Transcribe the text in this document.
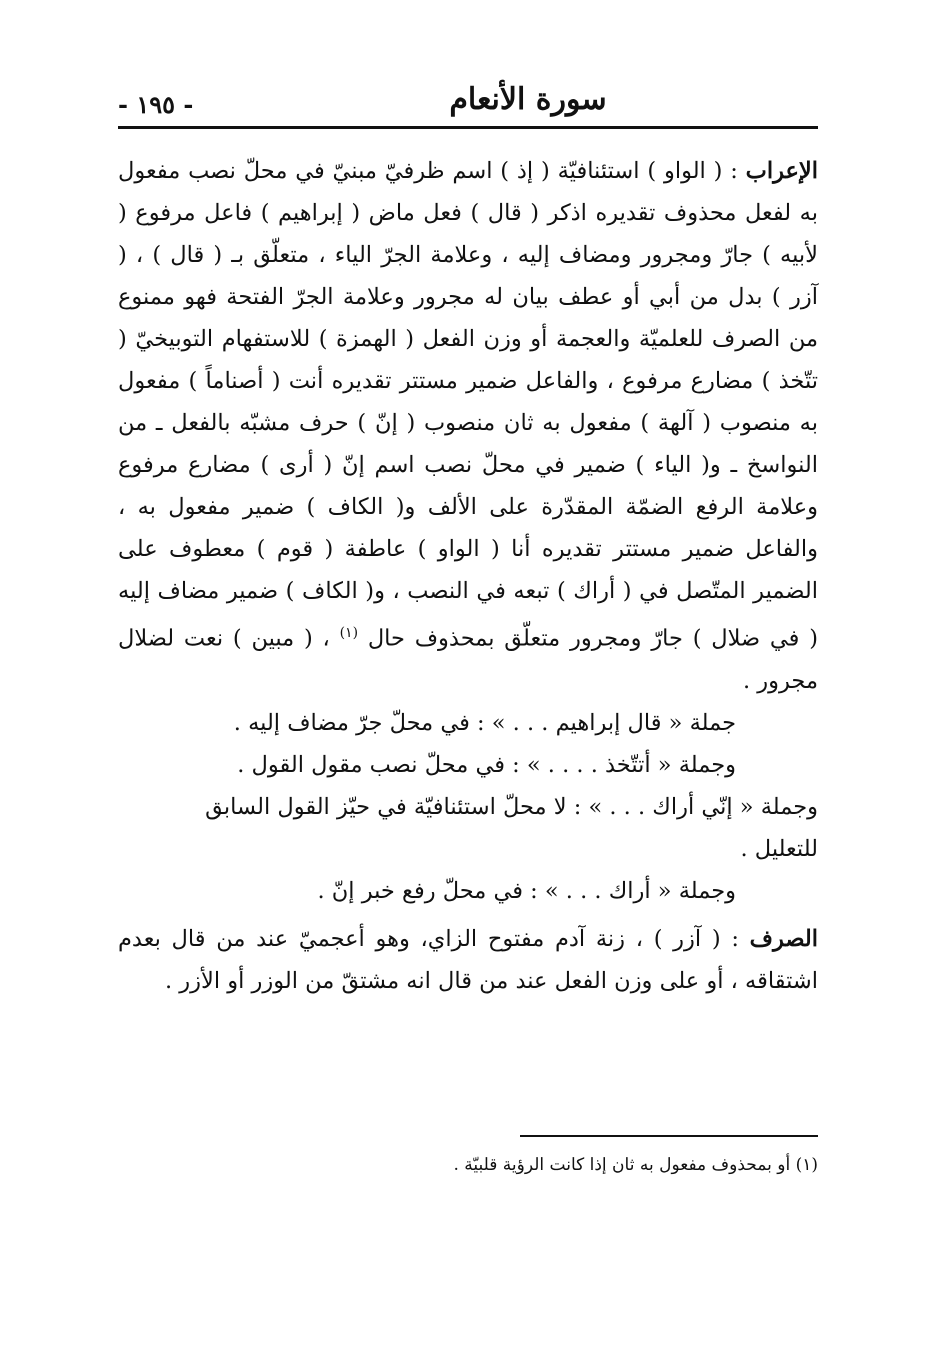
- ١٩٥ -	سورة الأنعام

الإعراب : ( الواو ) استئنافيّة ( إذ ) اسم ظرفيّ مبنيّ في محلّ نصب مفعول به لفعل محذوف تقديره اذكر ( قال ) فعل ماض ( إبراهيم ) فاعل مرفوع ( لأبيه ) جارّ ومجرور ومضاف إليه ، وعلامة الجرّ الياء ، متعلّق بـ ( قال ) ، ( آزر ) بدل من أبي أو عطف بيان له مجرور وعلامة الجرّ الفتحة فهو ممنوع من الصرف للعلميّة والعجمة أو وزن الفعل ( الهمزة ) للاستفهام التوبيخيّ ( تتّخذ ) مضارع مرفوع ، والفاعل ضمير مستتر تقديره أنت ( أصناماً ) مفعول به منصوب ( آلهة ) مفعول به ثان منصوب ( إنّ ) حرف مشبّه بالفعل ـ من النواسخ ـ و( الياء ) ضمير في محلّ نصب اسم إنّ ( أرى ) مضارع مرفوع وعلامة الرفع الضمّة المقدّرة على الألف و( الكاف ) ضمير مفعول به ، والفاعل ضمير مستتر تقديره أنا ( الواو ) عاطفة ( قوم ) معطوف على الضمير المتّصل في ( أراك ) تبعه في النصب ، و( الكاف ) ضمير مضاف إليه ( في ضلال ) جارّ ومجرور متعلّق بمحذوف حال $^{(١)}$ ، ( مبين ) نعت لضلال مجرور .

جملة « قال إبراهيم . . . » : في محلّ جرّ مضاف إليه .

وجملة « أتتّخذ . . . . » : في محلّ نصب مقول القول .

وجملة « إنّي أراك . . . » : لا محلّ استئنافيّة في حيّز القول السابق

للتعليل .

وجملة « أراك . . . » : في محلّ رفع خبر إنّ .

الصرف : ( آزر ) ، زنة آدم مفتوح الزاي، وهو أعجميّ عند من قال بعدم اشتقاقه ، أو على وزن الفعل عند من قال انه مشتقّ من الوزر أو الأزر .

(١) أو بمحذوف مفعول به ثان إذا كانت الرؤية قلبيّة .
